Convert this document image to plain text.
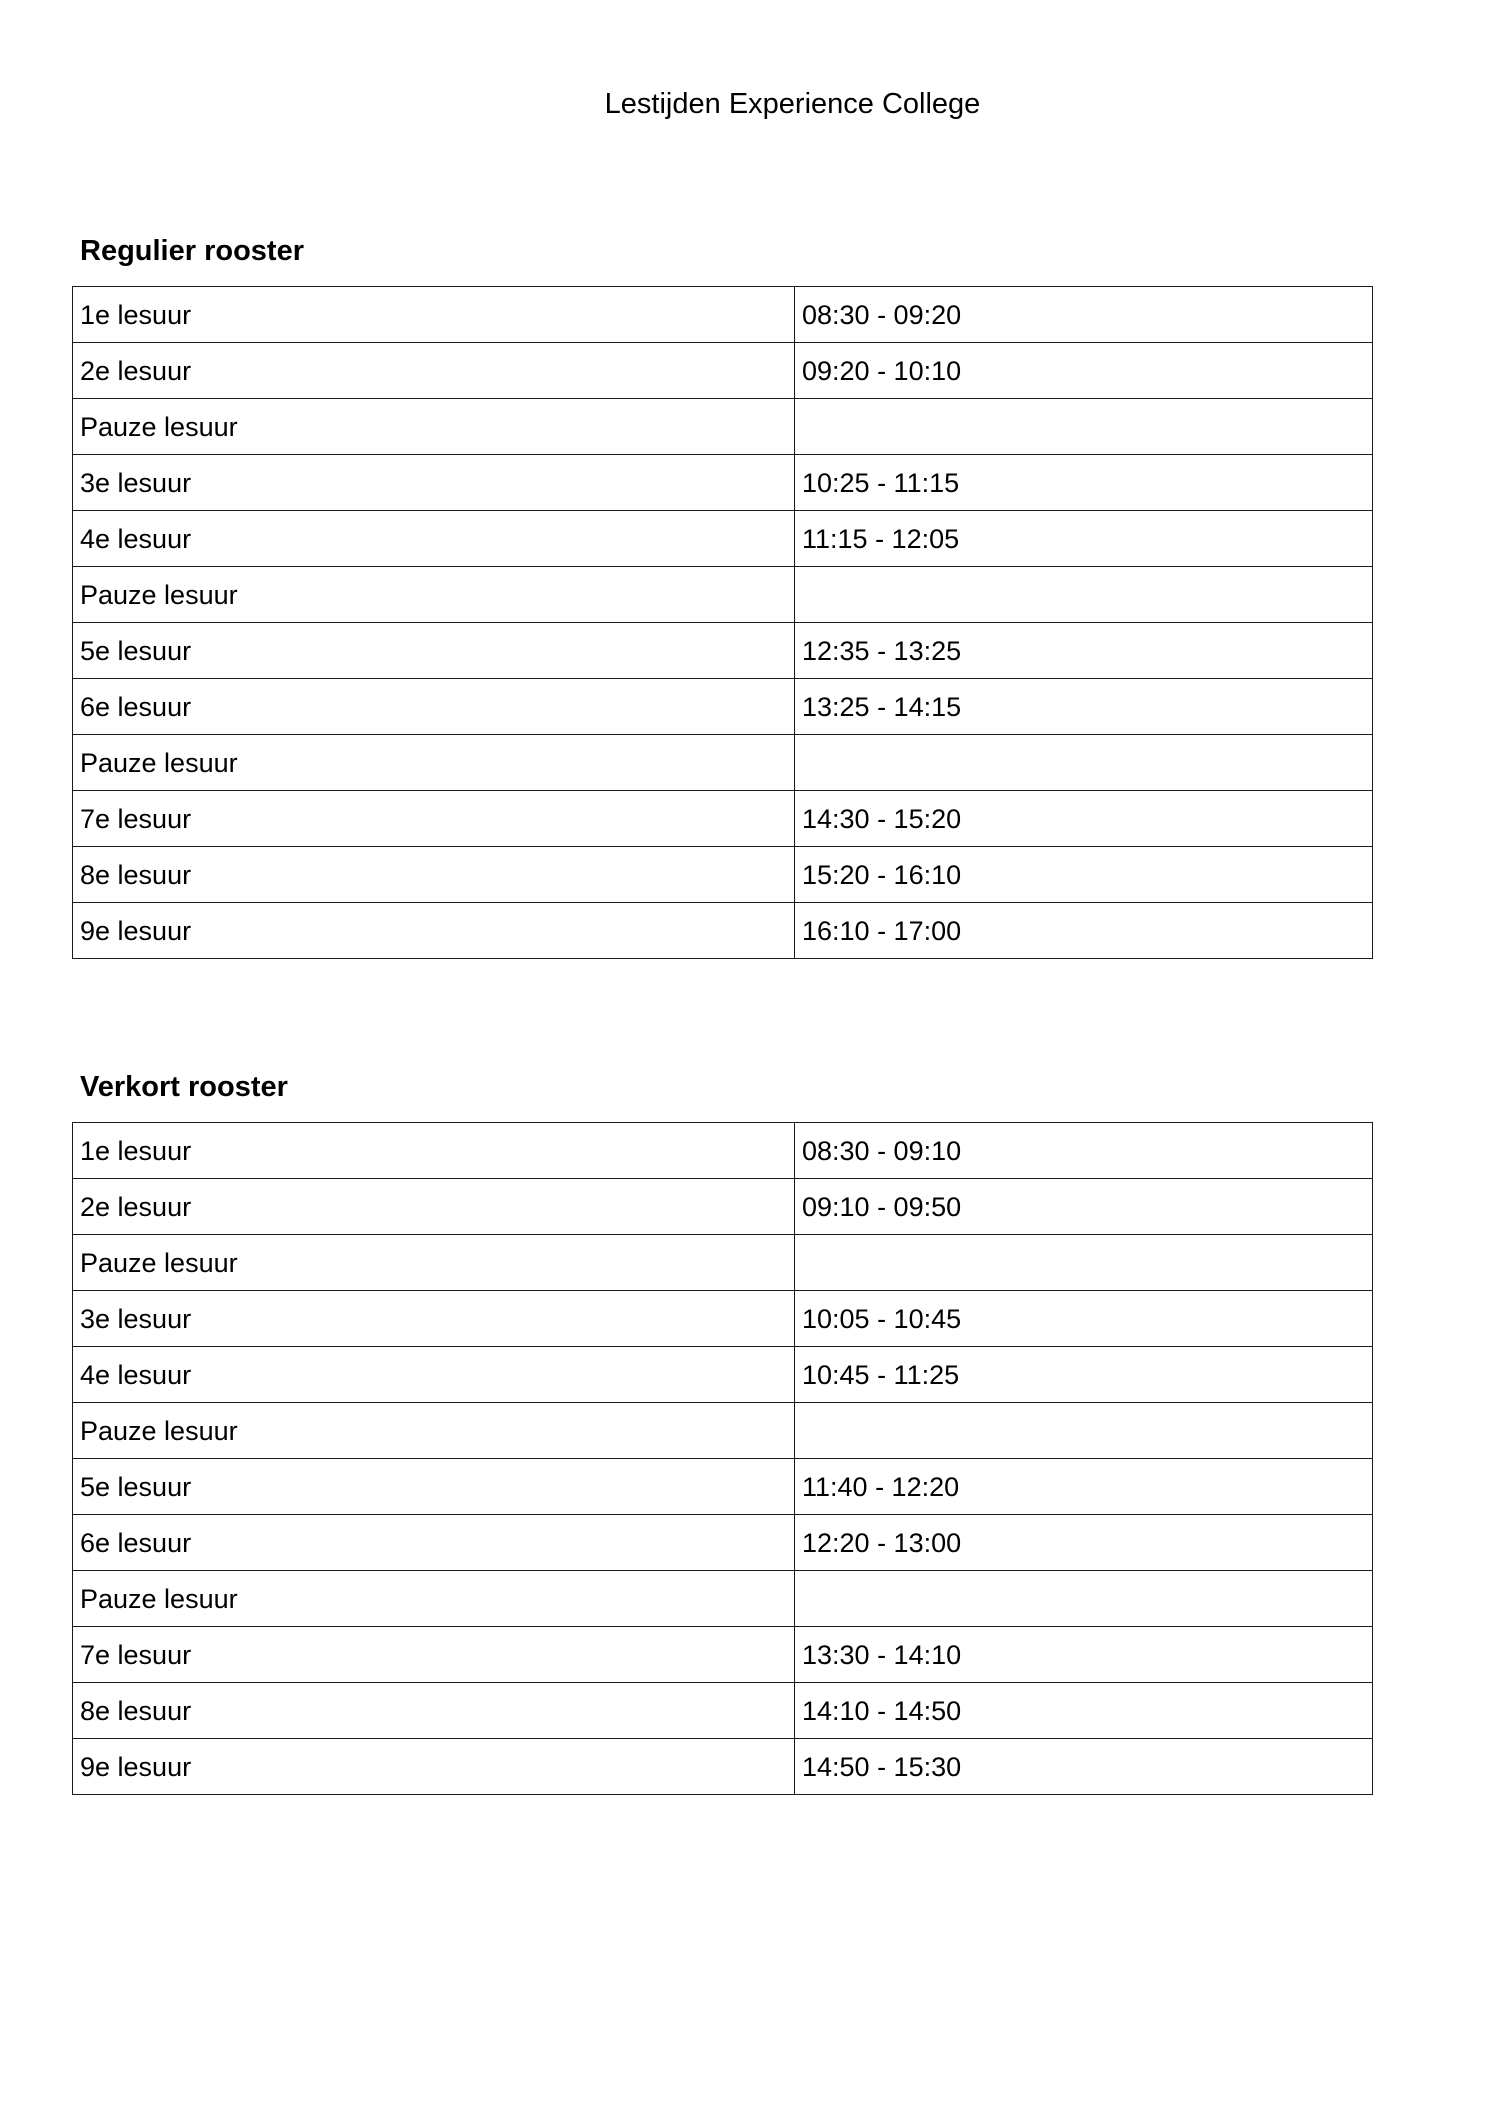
Lestijden Experience College
Regulier rooster
1e lesuur	08:30 - 09:20
2e lesuur	09:20 - 10:10
Pauze lesuur	
3e lesuur	10:25 - 11:15
4e lesuur	11:15 - 12:05
Pauze lesuur	
5e lesuur	12:35 - 13:25
6e lesuur	13:25 - 14:15
Pauze lesuur	
7e lesuur	14:30 - 15:20
8e lesuur	15:20 - 16:10
9e lesuur	16:10 - 17:00
Verkort rooster
1e lesuur	08:30 - 09:10
2e lesuur	09:10 - 09:50
Pauze lesuur	
3e lesuur	10:05 - 10:45
4e lesuur	10:45 - 11:25
Pauze lesuur	
5e lesuur	11:40 - 12:20
6e lesuur	12:20 - 13:00
Pauze lesuur	
7e lesuur	13:30 - 14:10
8e lesuur	14:10 - 14:50
9e lesuur	14:50 - 15:30
